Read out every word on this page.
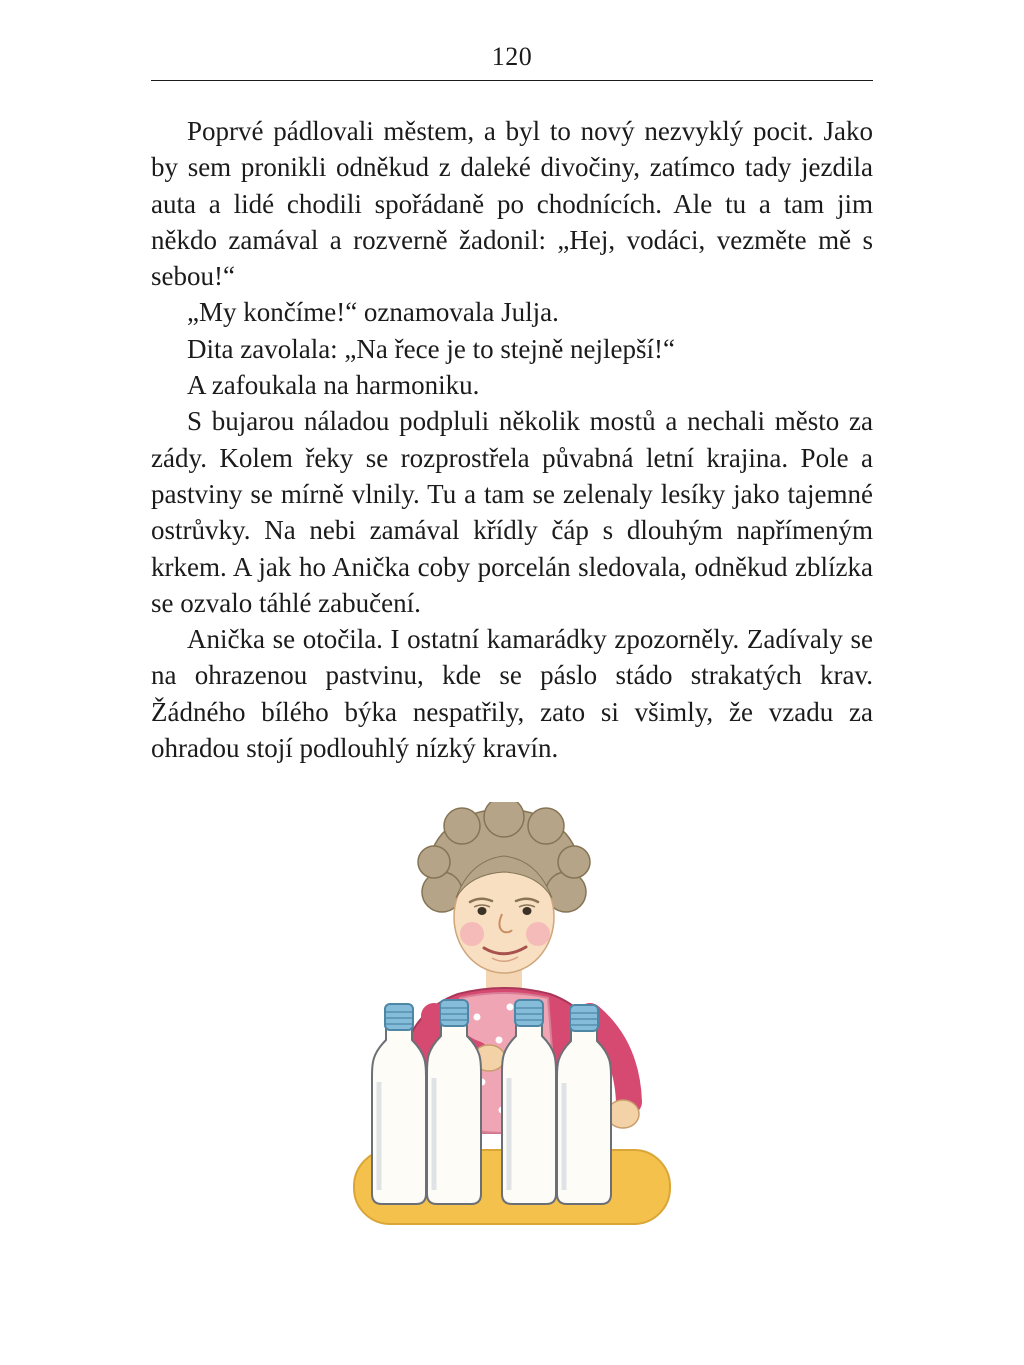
120

Poprvé pádlovali městem, a byl to nový nezvyklý pocit. Jako by sem pronikli odněkud z daleké divočiny, zatímco tady jezdila auta a lidé chodili spořádaně po chodnících. Ale tu a tam jim někdo zamával a rozverně žadonil: „Hej, vodáci, vezměte mě s sebou!“

„My končíme!“ oznamovala Julja.

Dita zavolala: „Na řece je to stejně nejlepší!“

A zafoukala na harmoniku.

S bujarou náladou podpluli několik mostů a nechali město za zády. Kolem řeky se rozprostřela půvabná letní krajina. Pole a pastviny se mírně vlnily. Tu a tam se zelenaly lesíky jako tajemné ostrůvky. Na nebi zamával křídly čáp s dlouhým napřímeným krkem. A jak ho Anička coby porcelán sledovala, odněkud zblízka se ozvalo táhlé zabučení.

Anička se otočila. I ostatní kamarádky zpozorněly. Zadívaly se na ohrazenou pastvinu, kde se páslo stádo strakatých krav. Žádného bílého býka nespatřily, zato si všimly, že vzadu za ohradou stojí podlouhlý nízký kravín.
